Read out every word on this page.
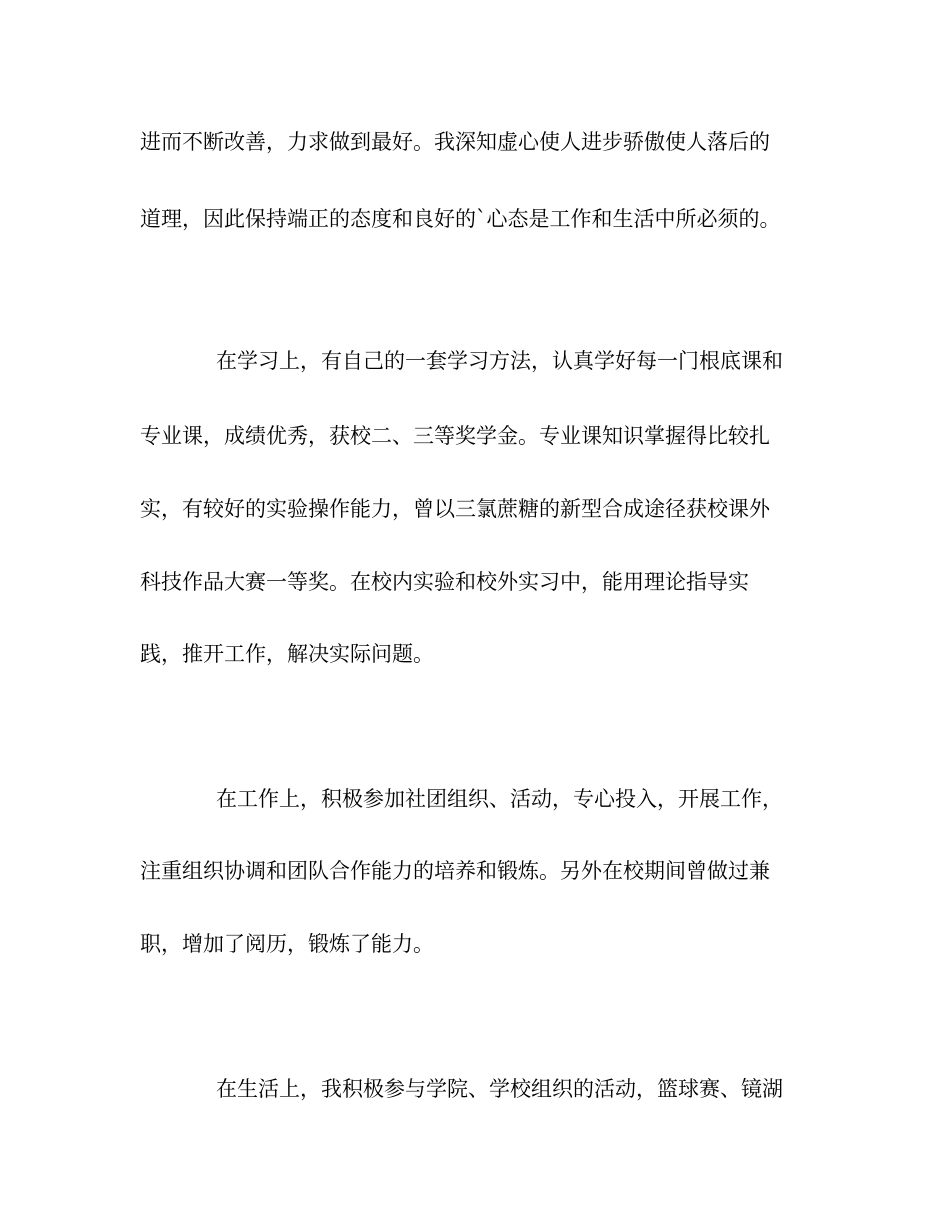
进而不断改善，力求做到最好。我深知虚心使人进步骄傲使人落后的
道理，因此保持端正的态度和良好的`心态是工作和生活中所必须的。
在学习上，有自己的一套学习方法，认真学好每一门根底课和
专业课，成绩优秀，获校二、三等奖学金。专业课知识掌握得比较扎
实，有较好的实验操作能力，曾以三氯蔗糖的新型合成途径获校课外
科技作品大赛一等奖。在校内实验和校外实习中，能用理论指导实
践，推开工作，解决实际问题。
在工作上，积极参加社团组织、活动，专心投入，开展工作，
注重组织协调和团队合作能力的培养和锻炼。另外在校期间曾做过兼
职，增加了阅历，锻炼了能力。
在生活上，我积极参与学院、学校组织的活动，篮球赛、镜湖
